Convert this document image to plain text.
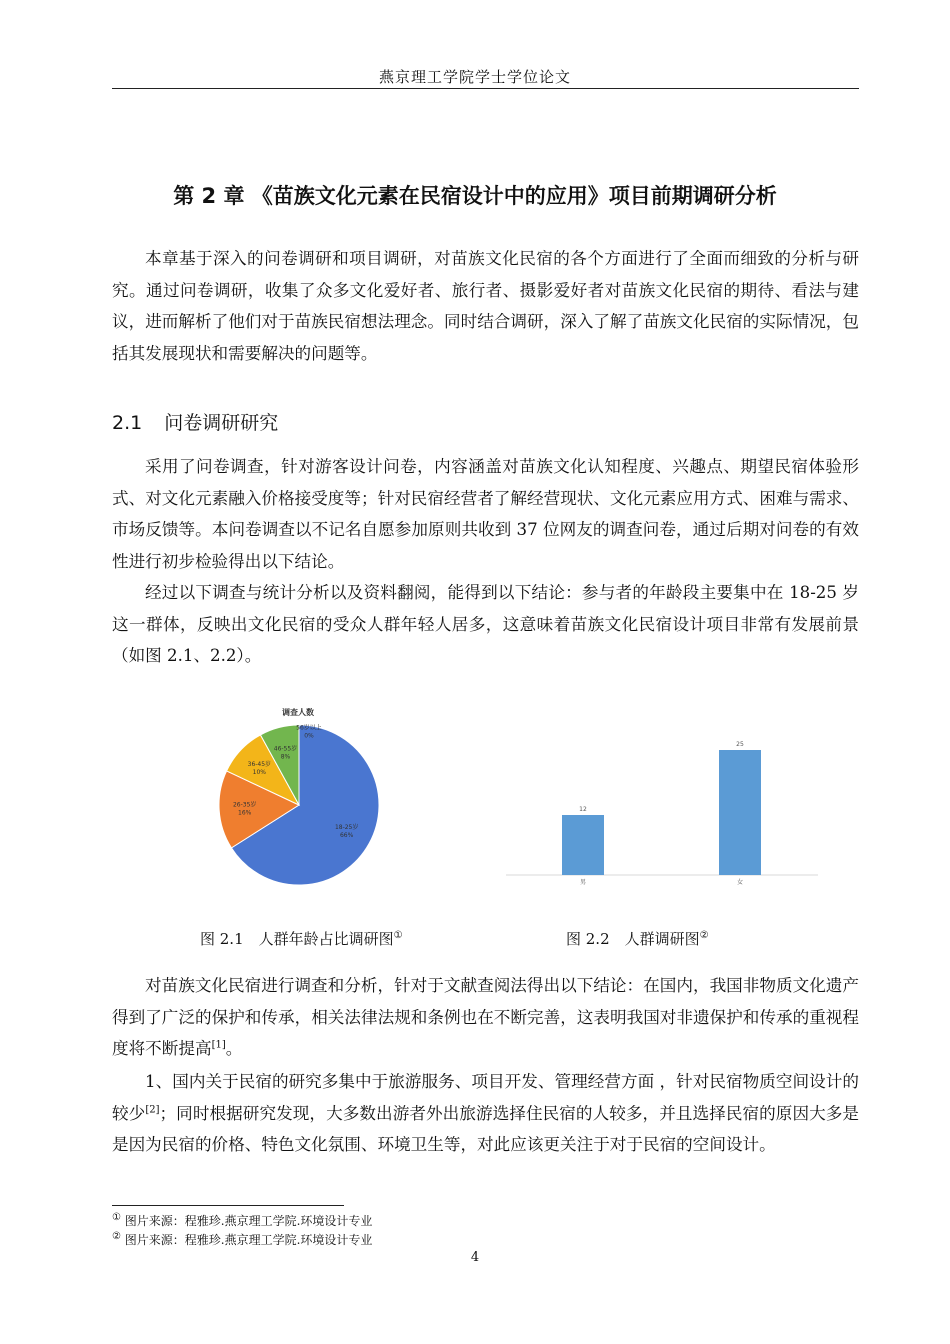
燕京理工学院学士学位论文
第 2 章 《苗族文化元素在民宿设计中的应用》项目前期调研分析

本章基于深入的问卷调研和项目调研，对苗族文化民宿的各个方面进行了全面而细致的分析与研究。通过问卷调研，收集了众多文化爱好者、旅行者、摄影爱好者对苗族文化民宿的期待、看法与建议，进而解析了他们对于苗族民宿想法理念。同时结合调研，深入了解了苗族文化民宿的实际情况，包括其发展现状和需要解决的问题等。

2.1 问卷调研研究

采用了问卷调查，针对游客设计问卷，内容涵盖对苗族文化认知程度、兴趣点、期望民宿体验形式、对文化元素融入价格接受度等；针对民宿经营者了解经营现状、文化元素应用方式、困难与需求、市场反馈等。本问卷调查以不记名自愿参加原则共收到 37 位网友的调查问卷，通过后期对问卷的有效性进行初步检验得出以下结论。

经过以下调查与统计分析以及资料翻阅，能得到以下结论：参与者的年龄段主要集中在 18-25 岁这一群体，反映出文化民宿的受众人群年轻人居多，这意味着苗族文化民宿设计项目非常有发展前景（如图 2.1、2.2）。

调查人数
18-25岁
66%
26-35岁
16%
36-45岁
10%
46-55岁
8%
56岁以上
0%
12
男
25
女
图 2.1　人群年龄占比调研图①	图 2.2　人群调研图②

对苗族文化民宿进行调查和分析，针对于文献查阅法得出以下结论：在国内，我国非物质文化遗产得到了广泛的保护和传承，相关法律法规和条例也在不断完善，这表明我国对非遗保护和传承的重视程度将不断提高[1]。

1、国内关于民宿的研究多集中于旅游服务、项目开发、管理经营方面 ，针对民宿物质空间设计的较少[2]；同时根据研究发现，大多数出游者外出旅游选择住民宿的人较多，并且选择民宿的原因大多是是因为民宿的价格、特色文化氛围、环境卫生等，对此应该更关注于对于民宿的空间设计。

① 图片来源：程雅珍.燕京理工学院.环境设计专业
② 图片来源：程雅珍.燕京理工学院.环境设计专业
4
